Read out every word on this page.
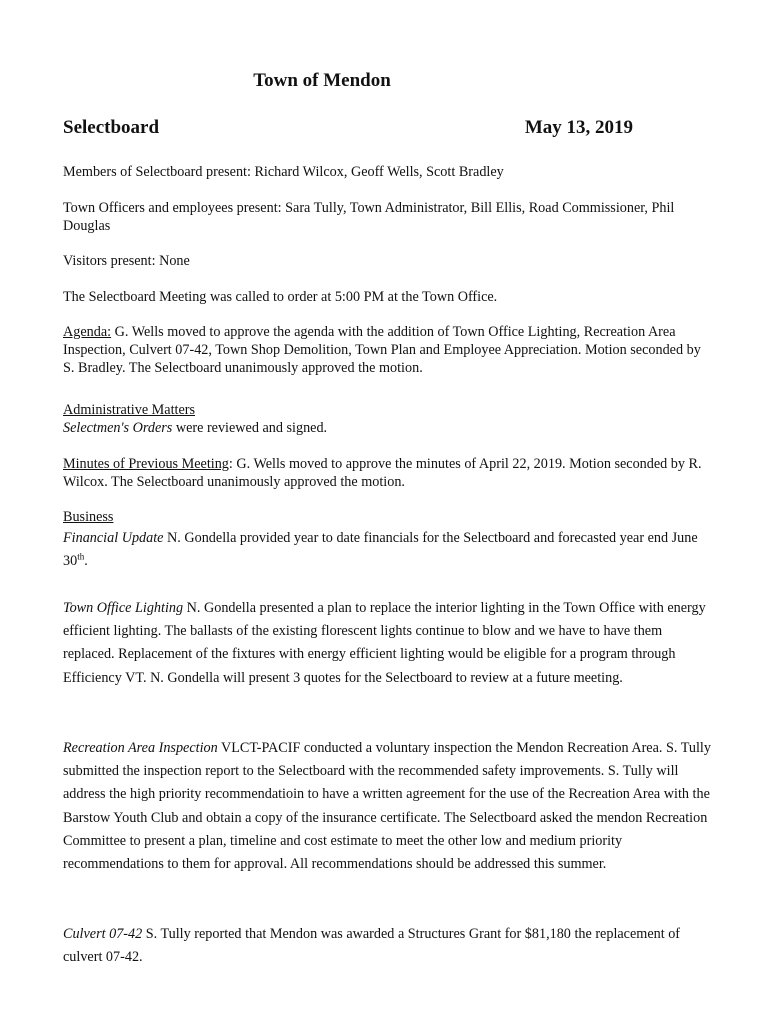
Town of Mendon
Selectboard	May 13, 2019
Members of Selectboard present: Richard Wilcox, Geoff Wells, Scott Bradley
Town Officers and employees present: Sara Tully, Town Administrator, Bill Ellis, Road Commissioner, Phil Douglas
Visitors present: None
The Selectboard Meeting was called to order at 5:00 PM at the Town Office.
Agenda: G. Wells moved to approve the agenda with the addition of Town Office Lighting, Recreation Area Inspection, Culvert 07-42, Town Shop Demolition, Town Plan and Employee Appreciation. Motion seconded by S. Bradley. The Selectboard unanimously approved the motion.
Administrative Matters
Selectmen's Orders were reviewed and signed.
Minutes of Previous Meeting: G. Wells moved to approve the minutes of April 22, 2019. Motion seconded by R. Wilcox. The Selectboard unanimously approved the motion.
Business
Financial Update N. Gondella provided year to date financials for the Selectboard and forecasted year end June 30th.
Town Office Lighting N. Gondella presented a plan to replace the interior lighting in the Town Office with energy efficient lighting. The ballasts of the existing florescent lights continue to blow and we have to have them replaced. Replacement of the fixtures with energy efficient lighting would be eligible for a program through Efficiency VT. N. Gondella will present 3 quotes for the Selectboard to review at a future meeting.
Recreation Area Inspection VLCT-PACIF conducted a voluntary inspection the Mendon Recreation Area. S. Tully submitted the inspection report to the Selectboard with the recommended safety improvements. S. Tully will address the high priority recommendatioin to have a written agreement for the use of the Recreation Area with the Barstow Youth Club and obtain a copy of the insurance certificate. The Selectboard asked the mendon Recreation Committee to present a plan, timeline and cost estimate to meet the other low and medium priority recommendations to them for approval. All recommendations should be addressed this summer.
Culvert 07-42 S. Tully reported that Mendon was awarded a Structures Grant for $81,180 the replacement of culvert 07-42.
